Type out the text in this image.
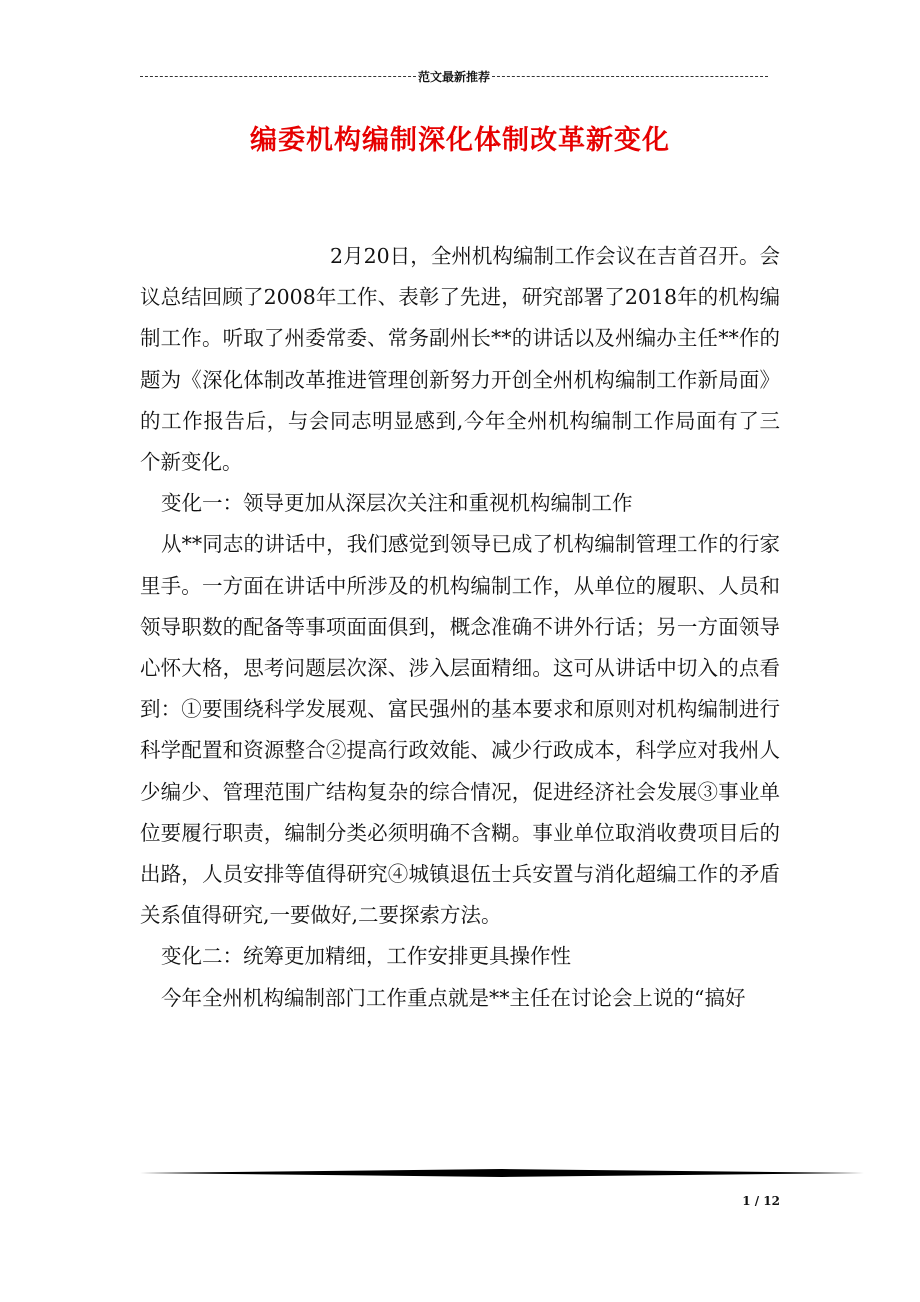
范文最新推荐
编委机构编制深化体制改革新变化

2月20日，全州机构编制工作会议在吉首召开。会议总结回顾了2008年工作、表彰了先进，研究部署了2018年的机构编制工作。听取了州委常委、常务副州长**的讲话以及州编办主任**作的题为《深化体制改革推进管理创新努力开创全州机构编制工作新局面》的工作报告后，与会同志明显感到,今年全州机构编制工作局面有了三个新变化。

变化一：领导更加从深层次关注和重视机构编制工作

从**同志的讲话中，我们感觉到领导已成了机构编制管理工作的行家里手。一方面在讲话中所涉及的机构编制工作，从单位的履职、人员和领导职数的配备等事项面面俱到，概念准确不讲外行话；另一方面领导心怀大格，思考问题层次深、涉入层面精细。这可从讲话中切入的点看到：①要围绕科学发展观、富民强州的基本要求和原则对机构编制进行科学配置和资源整合②提高行政效能、减少行政成本，科学应对我州人少编少、管理范围广结构复杂的综合情况，促进经济社会发展③事业单位要履行职责，编制分类必须明确不含糊。事业单位取消收费项目后的出路，人员安排等值得研究④城镇退伍士兵安置与消化超编工作的矛盾关系值得研究,一要做好,二要探索方法。

变化二：统筹更加精细，工作安排更具操作性

今年全州机构编制部门工作重点就是**主任在讨论会上说的“搞好

1 / 12
